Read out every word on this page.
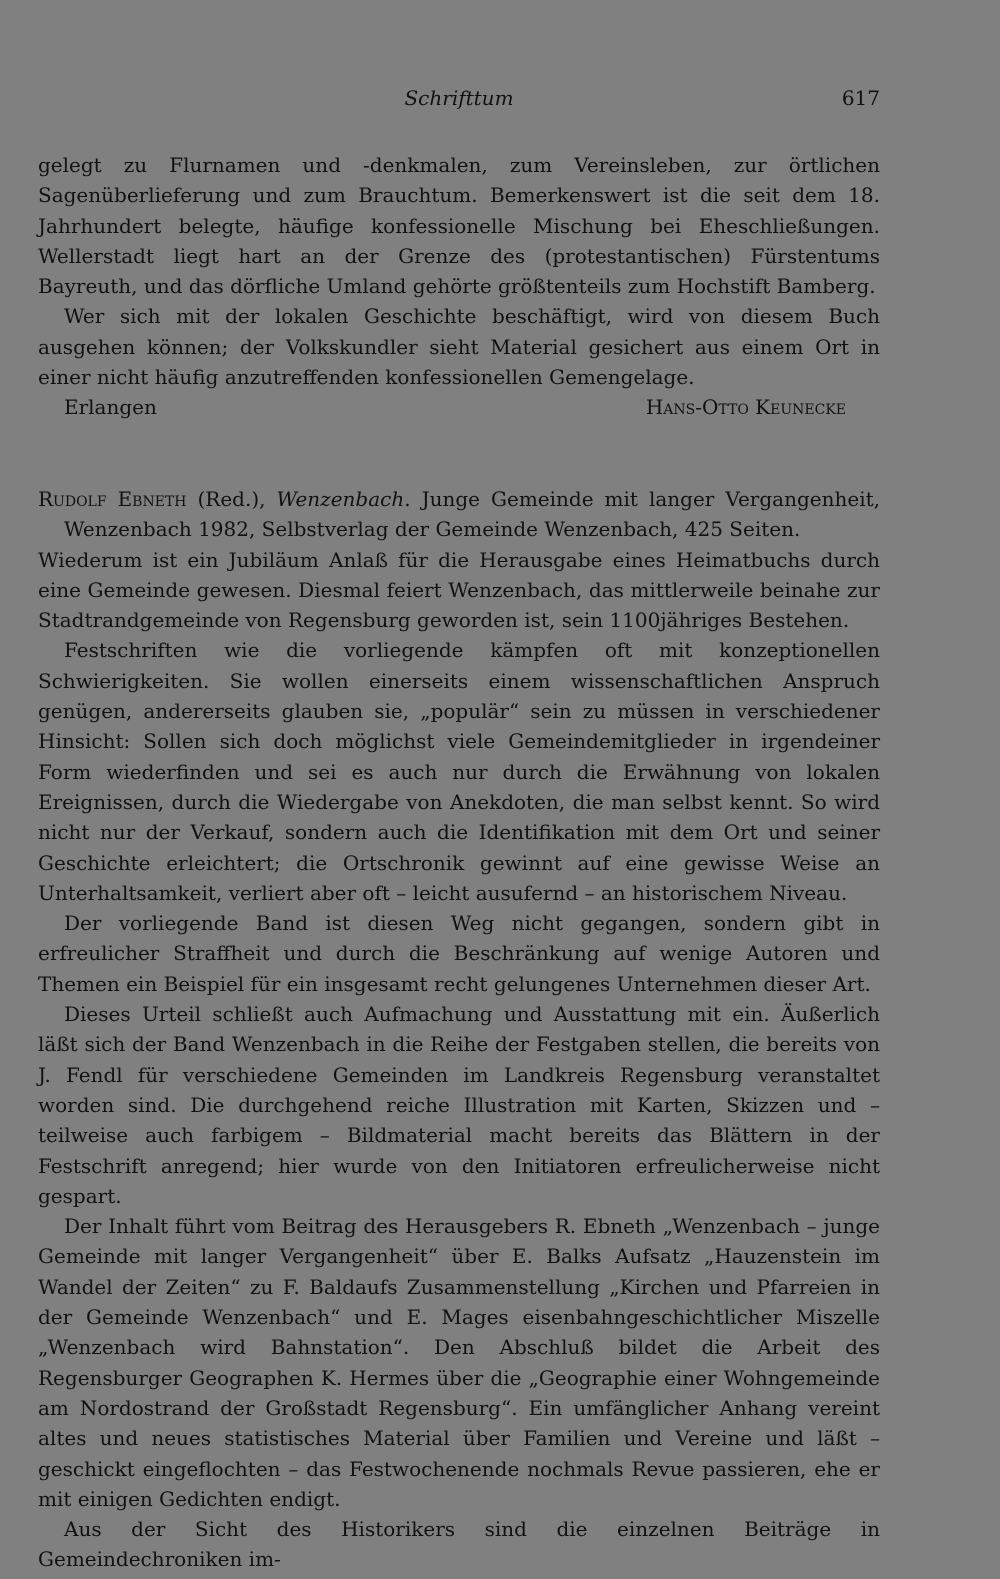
Schrifttum	617

gelegt zu Flurnamen und -denkmalen, zum Vereinsleben, zur örtlichen Sagenüberlieferung und zum Brauchtum. Bemerkenswert ist die seit dem 18. Jahrhundert belegte, häufige konfessionelle Mischung bei Eheschließungen. Wellerstadt liegt hart an der Grenze des (protestantischen) Fürstentums Bayreuth, und das dörfliche Umland gehörte größtenteils zum Hochstift Bamberg.

Wer sich mit der lokalen Geschichte beschäftigt, wird von diesem Buch ausgehen können; der Volkskundler sieht Material gesichert aus einem Ort in einer nicht häufig anzutreffenden konfessionellen Gemengelage.

Erlangen	Hans-Otto Keunecke

Rudolf Ebneth (Red.), Wenzenbach. Junge Gemeinde mit langer Vergangenheit, Wenzenbach 1982, Selbstverlag der Gemeinde Wenzenbach, 425 Seiten.

Wiederum ist ein Jubiläum Anlaß für die Herausgabe eines Heimatbuchs durch eine Gemeinde gewesen. Diesmal feiert Wenzenbach, das mittlerweile beinahe zur Stadtrandgemeinde von Regensburg geworden ist, sein 1100jähriges Bestehen.

Festschriften wie die vorliegende kämpfen oft mit konzeptionellen Schwierigkeiten. Sie wollen einerseits einem wissenschaftlichen Anspruch genügen, andererseits glauben sie, „populär“ sein zu müssen in verschiedener Hinsicht: Sollen sich doch möglichst viele Gemeindemitglieder in irgendeiner Form wiederfinden und sei es auch nur durch die Erwähnung von lokalen Ereignissen, durch die Wiedergabe von Anekdoten, die man selbst kennt. So wird nicht nur der Verkauf, sondern auch die Identifikation mit dem Ort und seiner Geschichte erleichtert; die Ortschronik gewinnt auf eine gewisse Weise an Unterhaltsamkeit, verliert aber oft – leicht ausufernd – an historischem Niveau.

Der vorliegende Band ist diesen Weg nicht gegangen, sondern gibt in erfreulicher Straffheit und durch die Beschränkung auf wenige Autoren und Themen ein Beispiel für ein insgesamt recht gelungenes Unternehmen dieser Art.

Dieses Urteil schließt auch Aufmachung und Ausstattung mit ein. Äußerlich läßt sich der Band Wenzenbach in die Reihe der Festgaben stellen, die bereits von J. Fendl für verschiedene Gemeinden im Landkreis Regensburg veranstaltet worden sind. Die durchgehend reiche Illustration mit Karten, Skizzen und – teilweise auch farbigem – Bildmaterial macht bereits das Blättern in der Festschrift anregend; hier wurde von den Initiatoren erfreulicherweise nicht gespart.

Der Inhalt führt vom Beitrag des Herausgebers R. Ebneth „Wenzenbach – junge Gemeinde mit langer Vergangenheit“ über E. Balks Aufsatz „Hauzenstein im Wandel der Zeiten“ zu F. Baldaufs Zusammenstellung „Kirchen und Pfarreien in der Gemeinde Wenzenbach“ und E. Mages eisenbahngeschichtlicher Miszelle „Wenzenbach wird Bahnstation“. Den Abschluß bildet die Arbeit des Regensburger Geographen K. Hermes über die „Geographie einer Wohngemeinde am Nordostrand der Großstadt Regensburg“. Ein umfänglicher Anhang vereint altes und neues statistisches Material über Familien und Vereine und läßt – geschickt eingeflochten – das Festwochenende nochmals Revue passieren, ehe er mit einigen Gedichten endigt.

Aus der Sicht des Historikers sind die einzelnen Beiträge in Gemeindechroniken im-
